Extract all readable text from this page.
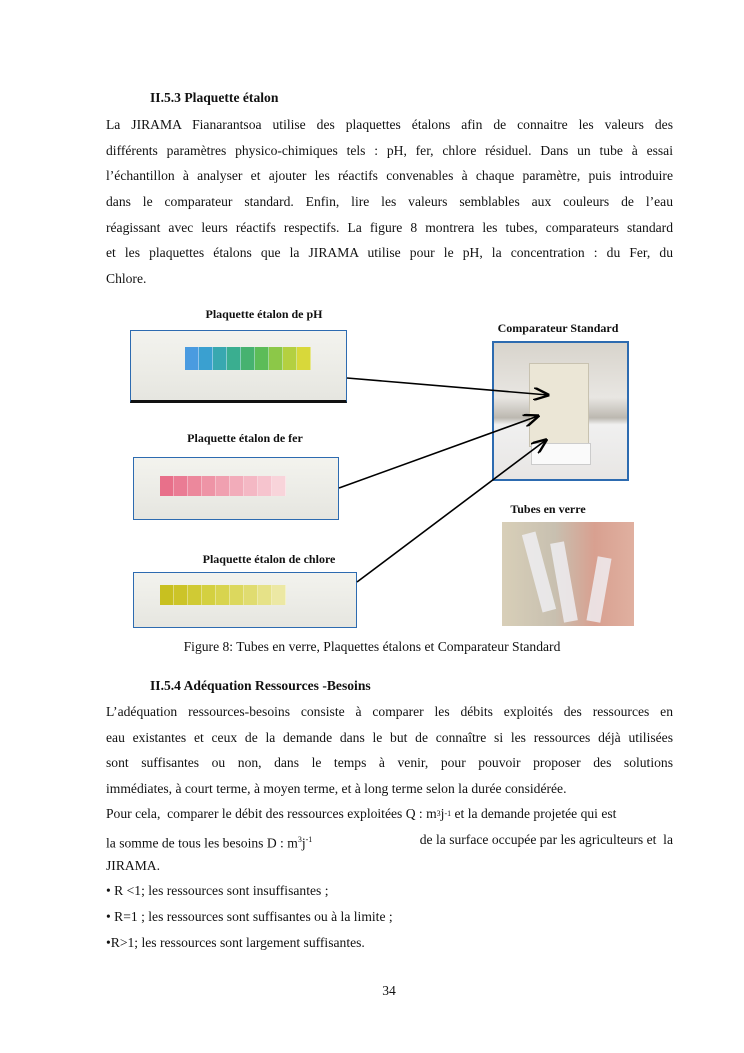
II.5.3 Plaquette étalon
La JIRAMA Fianarantsoa utilise des plaquettes étalons afin de connaitre les valeurs des
différents paramètres physico-chimiques tels : pH, fer, chlore résiduel. Dans un tube à essai
l’échantillon à analyser et ajouter les réactifs convenables à chaque paramètre, puis introduire
dans le comparateur standard. Enfin, lire les valeurs semblables aux couleurs de l’eau
réagissant avec leurs réactifs respectifs. La figure 8 montrera les tubes, comparateurs standard
et les plaquettes étalons que la JIRAMA utilise pour le pH, la concentration : du Fer, du
Chlore.
Plaquette étalon de pH
Comparateur Standard
Plaquette étalon de fer
Tubes en verre
Plaquette étalon de chlore
Figure 8: Tubes en verre, Plaquettes étalons et Comparateur Standard
II.5.4 Adéquation Ressources -Besoins
L’adéquation ressources-besoins consiste à comparer les débits exploités des ressources en
eau existantes et ceux de la demande dans le but de connaître si les ressources déjà utilisées
sont suffisantes ou non, dans le temps à venir, pour pouvoir proposer des solutions
immédiates, à court terme, à moyen terme, et à long terme selon la durée considérée.
Pour cela,  comparer le débit des ressources exploitées Q : m 3 j -1 et la demande projetée qui est
la somme de tous les besoins D : $m^3j^{-1}$	de la surface occupée par les agriculteurs et  la
JIRAMA.
• R <1; les ressources sont insuffisantes ;
• R=1 ; les ressources sont suffisantes ou à la limite ;
•R>1; les ressources sont largement suffisantes.
34
